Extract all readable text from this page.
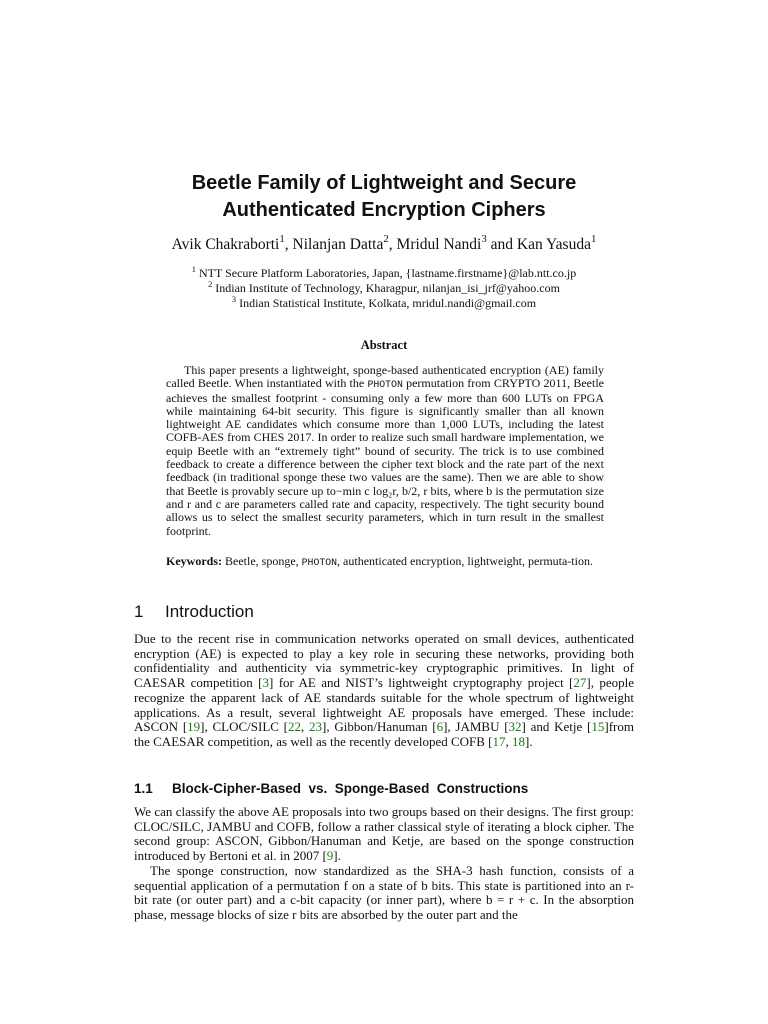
Beetle Family of Lightweight and Secure
Authenticated Encryption Ciphers
Avik Chakraborti$^1$, Nilanjan Datta$^2$, Mridul Nandi$^3$ and Kan Yasuda$^1$
$^1$ NTT Secure Platform Laboratories, Japan, {lastname.firstname}@lab.ntt.co.jp
$^2$ Indian Institute of Technology, Kharagpur, nilanjan_isi_jrf@yahoo.com
$^3$ Indian Statistical Institute, Kolkata, mridul.nandi@gmail.com
Abstract

This paper presents a lightweight, sponge-based authenticated encryption (AE) family called Beetle. When instantiated with the PHOTON permutation from CRYPTO 2011, Beetle achieves the smallest footprint - consuming only a few more than 600 LUTs on FPGA while maintaining 64-bit security. This figure is significantly smaller than all known lightweight AE candidates which consume more than 1,000 LUTs, including the latest COFB-AES from CHES 2017. In order to realize such small hardware implementation, we equip Beetle with an “extremely tight” bound of security. The trick is to use combined feedback to create a difference between the cipher text block and the rate part of the next feedback (in traditional sponge these two values are the same). Then we are able to show that Beetle is provably secure up to−min c log₂r, b/2, r bits, where b is the permutation size and r and c are parameters called rate and capacity, respectively. The tight security bound allows us to select the smallest security parameters, which in turn result in the smallest footprint.

Keywords: Beetle, sponge, PHOTON, authenticated encryption, lightweight, permuta-tion.
1 Introduction

Due to the recent rise in communication networks operated on small devices, authenticated encryption (AE) is expected to play a key role in securing these networks, providing both confidentiality and authenticity via symmetric-key cryptographic primitives. In light of CAESAR competition [3] for AE and NIST’s lightweight cryptography project [27], people recognize the apparent lack of AE standards suitable for the whole spectrum of lightweight applications. As a result, several lightweight AE proposals have emerged. These include: ASCON [19], CLOC/SILC [22, 23], Gibbon/Hanuman [6], JAMBU [32] and Ketje [15]from the CAESAR competition, as well as the recently developed COFB [17, 18].

1.1 Block-Cipher-Based  vs.  Sponge-Based  Constructions

We can classify the above AE proposals into two groups based on their designs. The first group: CLOC/SILC, JAMBU and COFB, follow a rather classical style of iterating a block cipher. The second group: ASCON, Gibbon/Hanuman and Ketje, are based on the sponge construction introduced by Bertoni et al. in 2007 [9].

The sponge construction, now standardized as the SHA-3 hash function, consists of a sequential application of a permutation f on a state of b bits. This state is partitioned into an r-bit rate (or outer part) and a c-bit capacity (or inner part), where b = r + c. In the absorption phase, message blocks of size r bits are absorbed by the outer part and the
